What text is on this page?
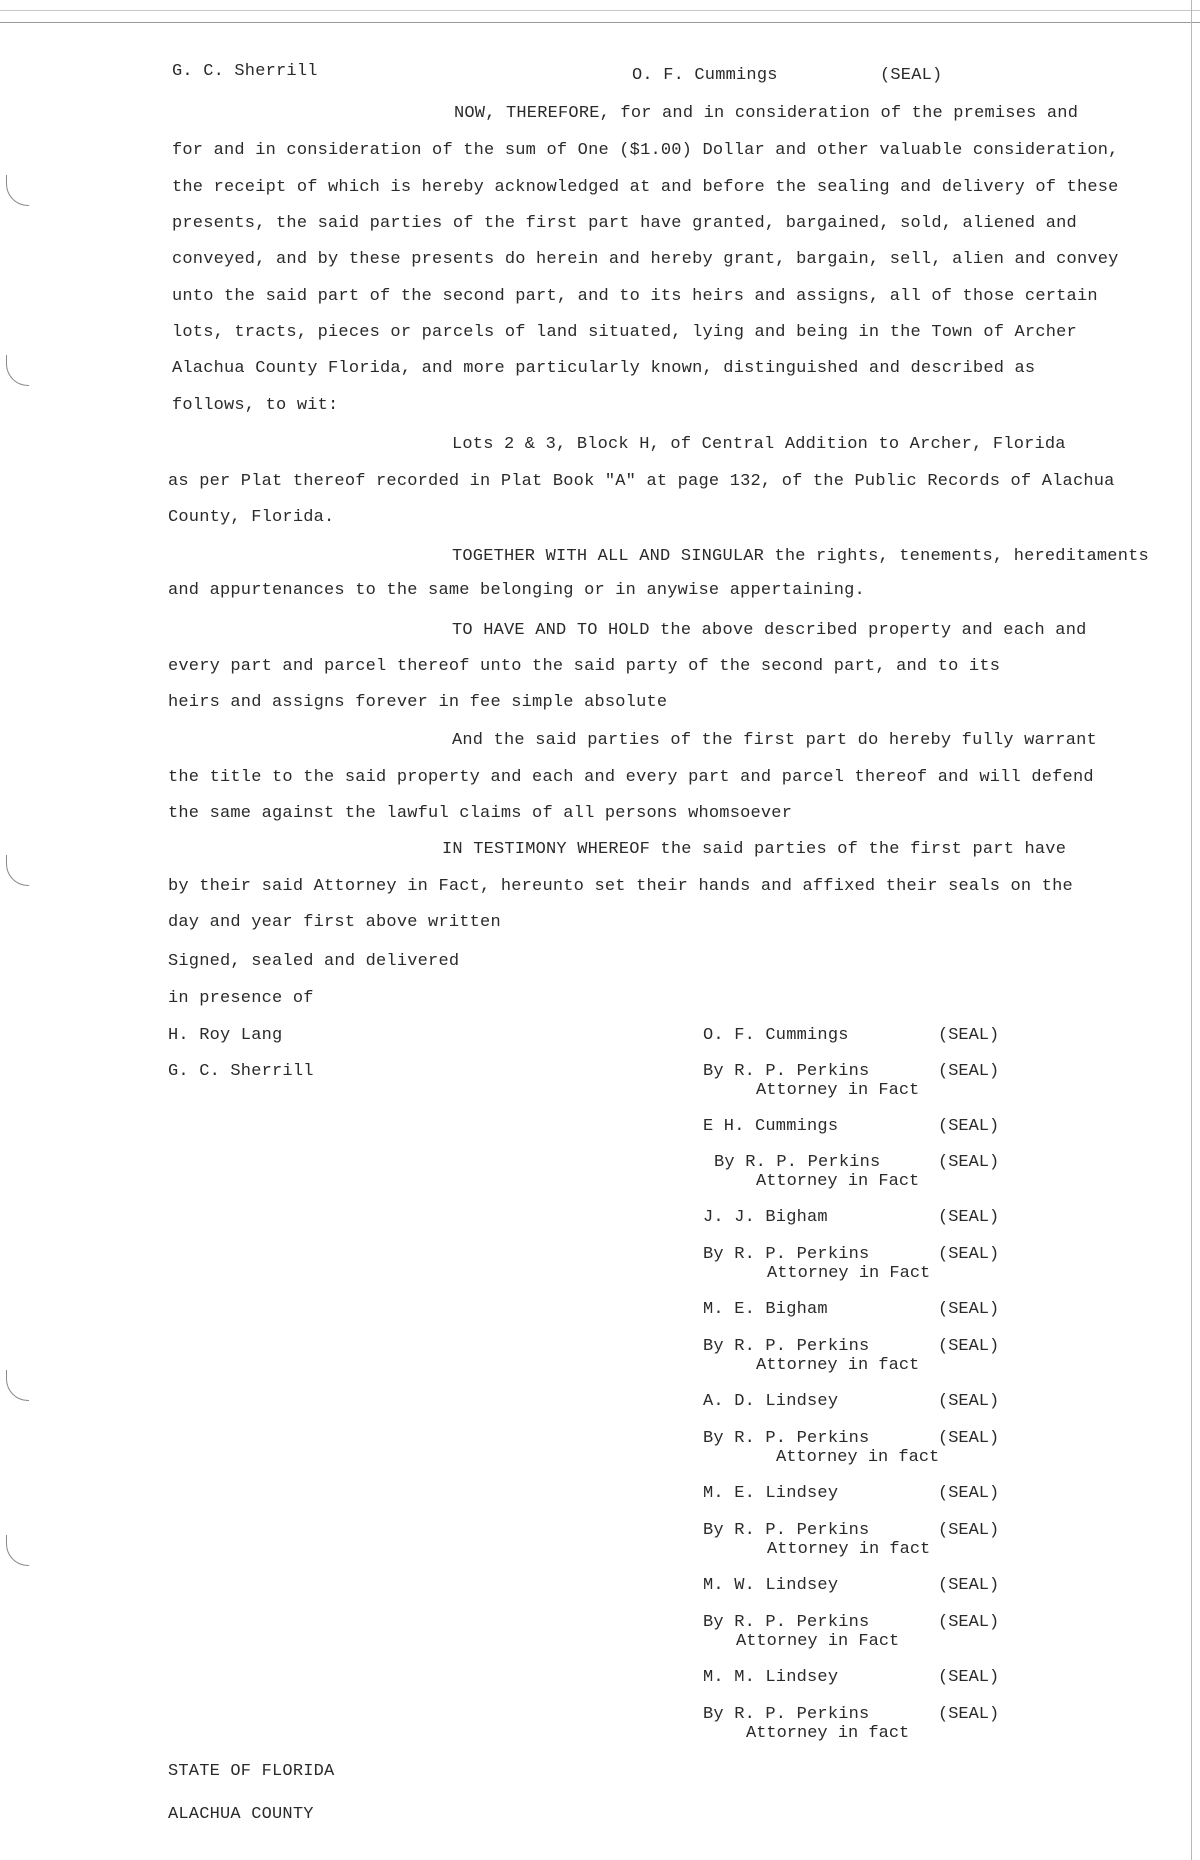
G. C. Sherrill	O. F. Cummings	(SEAL)
NOW, THEREFORE, for and in consideration of the premises and
for and in consideration of the sum of One ($1.00) Dollar and other valuable consideration,
the receipt of which is hereby acknowledged at and before the sealing and delivery of these
presents, the said parties of the first part have granted, bargained, sold, aliened and
conveyed, and by these presents do herein and hereby grant, bargain, sell, alien and convey
unto the said part of the second part, and to its heirs and assigns, all of those certain
lots, tracts, pieces or parcels of land situated, lying and being in the Town of Archer
Alachua County Florida, and more particularly known, distinguished and described as
follows, to wit:
Lots 2 & 3, Block H, of Central Addition to Archer, Florida
as per Plat thereof recorded in Plat Book "A" at page 132, of the Public Records of Alachua
County, Florida.
TOGETHER WITH ALL AND SINGULAR the rights, tenements, hereditaments
and appurtenances to the same belonging or in anywise appertaining.
TO HAVE AND TO HOLD the above described property and each and
every part and parcel thereof unto the said party of the second part, and to its
heirs and assigns forever in fee simple absolute
And the said parties of the first part do hereby fully warrant
the title to the said property and each and every part and parcel thereof and will defend
the same against the lawful claims of all persons whomsoever
IN TESTIMONY WHEREOF the said parties of the first part have
by their said Attorney in Fact, hereunto set their hands and affixed their seals on the
day and year first above written
Signed, sealed and delivered
in presence of
H. Roy Lang
G. C. Sherrill
O. F. Cummings	(SEAL)
By R. P. Perkins	(SEAL)
Attorney in Fact
E H. Cummings	(SEAL)
By R. P. Perkins	(SEAL)
Attorney in Fact
J. J. Bigham	(SEAL)
By R. P. Perkins	(SEAL)
Attorney in Fact
M. E. Bigham	(SEAL)
By R. P. Perkins	(SEAL)
Attorney in fact
A. D. Lindsey	(SEAL)
By R. P. Perkins	(SEAL)
Attorney in fact
M. E. Lindsey	(SEAL)
By R. P. Perkins	(SEAL)
Attorney in fact
M. W. Lindsey	(SEAL)
By R. P. Perkins	(SEAL)
Attorney in Fact
M. M. Lindsey	(SEAL)
By R. P. Perkins	(SEAL)
Attorney in fact
STATE OF FLORIDA
ALACHUA COUNTY
